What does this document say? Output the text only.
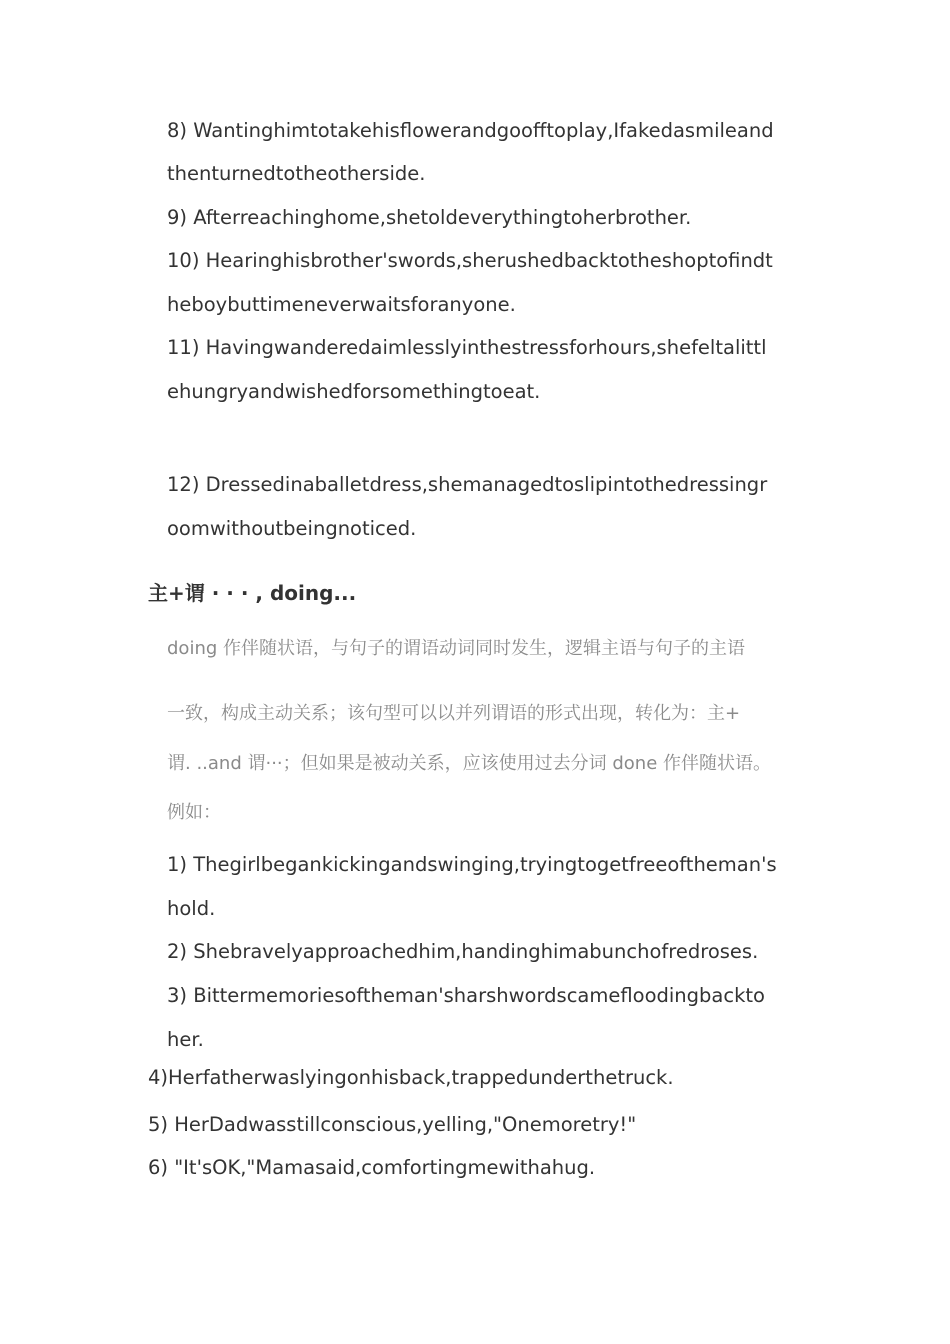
8) Wantinghimtotakehisflowerandgoofftoplay,Ifakedasmileand
thenturnedtotheotherside.
9) Afterreachinghome,shetoldeverythingtoherbrother.
10) Hearinghisbrother'swords,sherushedbacktotheshoptofindt
heboybuttimeneverwaitsforanyone.
11) Havingwanderedaimlesslyinthestressforhours,shefeltalittl
ehungryandwishedforsomethingtoeat.
12) Dressedinaballetdress,shemanagedtoslipintothedressingr
oomwithoutbeingnoticed.
主+谓 · · · , doing...
doing 作伴随状语，与句子的谓语动词同时发生，逻辑主语与句子的主语
一致，构成主动关系；该句型可以以并列谓语的形式出现，转化为：主+
谓. ..and 谓···；但如果是被动关系，应该使用过去分词 done 作伴随状语。
例如：
1) Thegirlbegankickingandswinging,tryingtogetfreeoftheman's
hold.
2) Shebravelyapproachedhim,handinghimabunchofredroses.
3) Bittermemoriesoftheman'sharshwordscamefloodingbackto
her.
4)Herfatherwaslyingonhisback,trappedunderthetruck.
5) HerDadwasstillconscious,yelling,"Onemoretry!"
6) "It'sOK,"Mamasaid,comfortingmewithahug.
